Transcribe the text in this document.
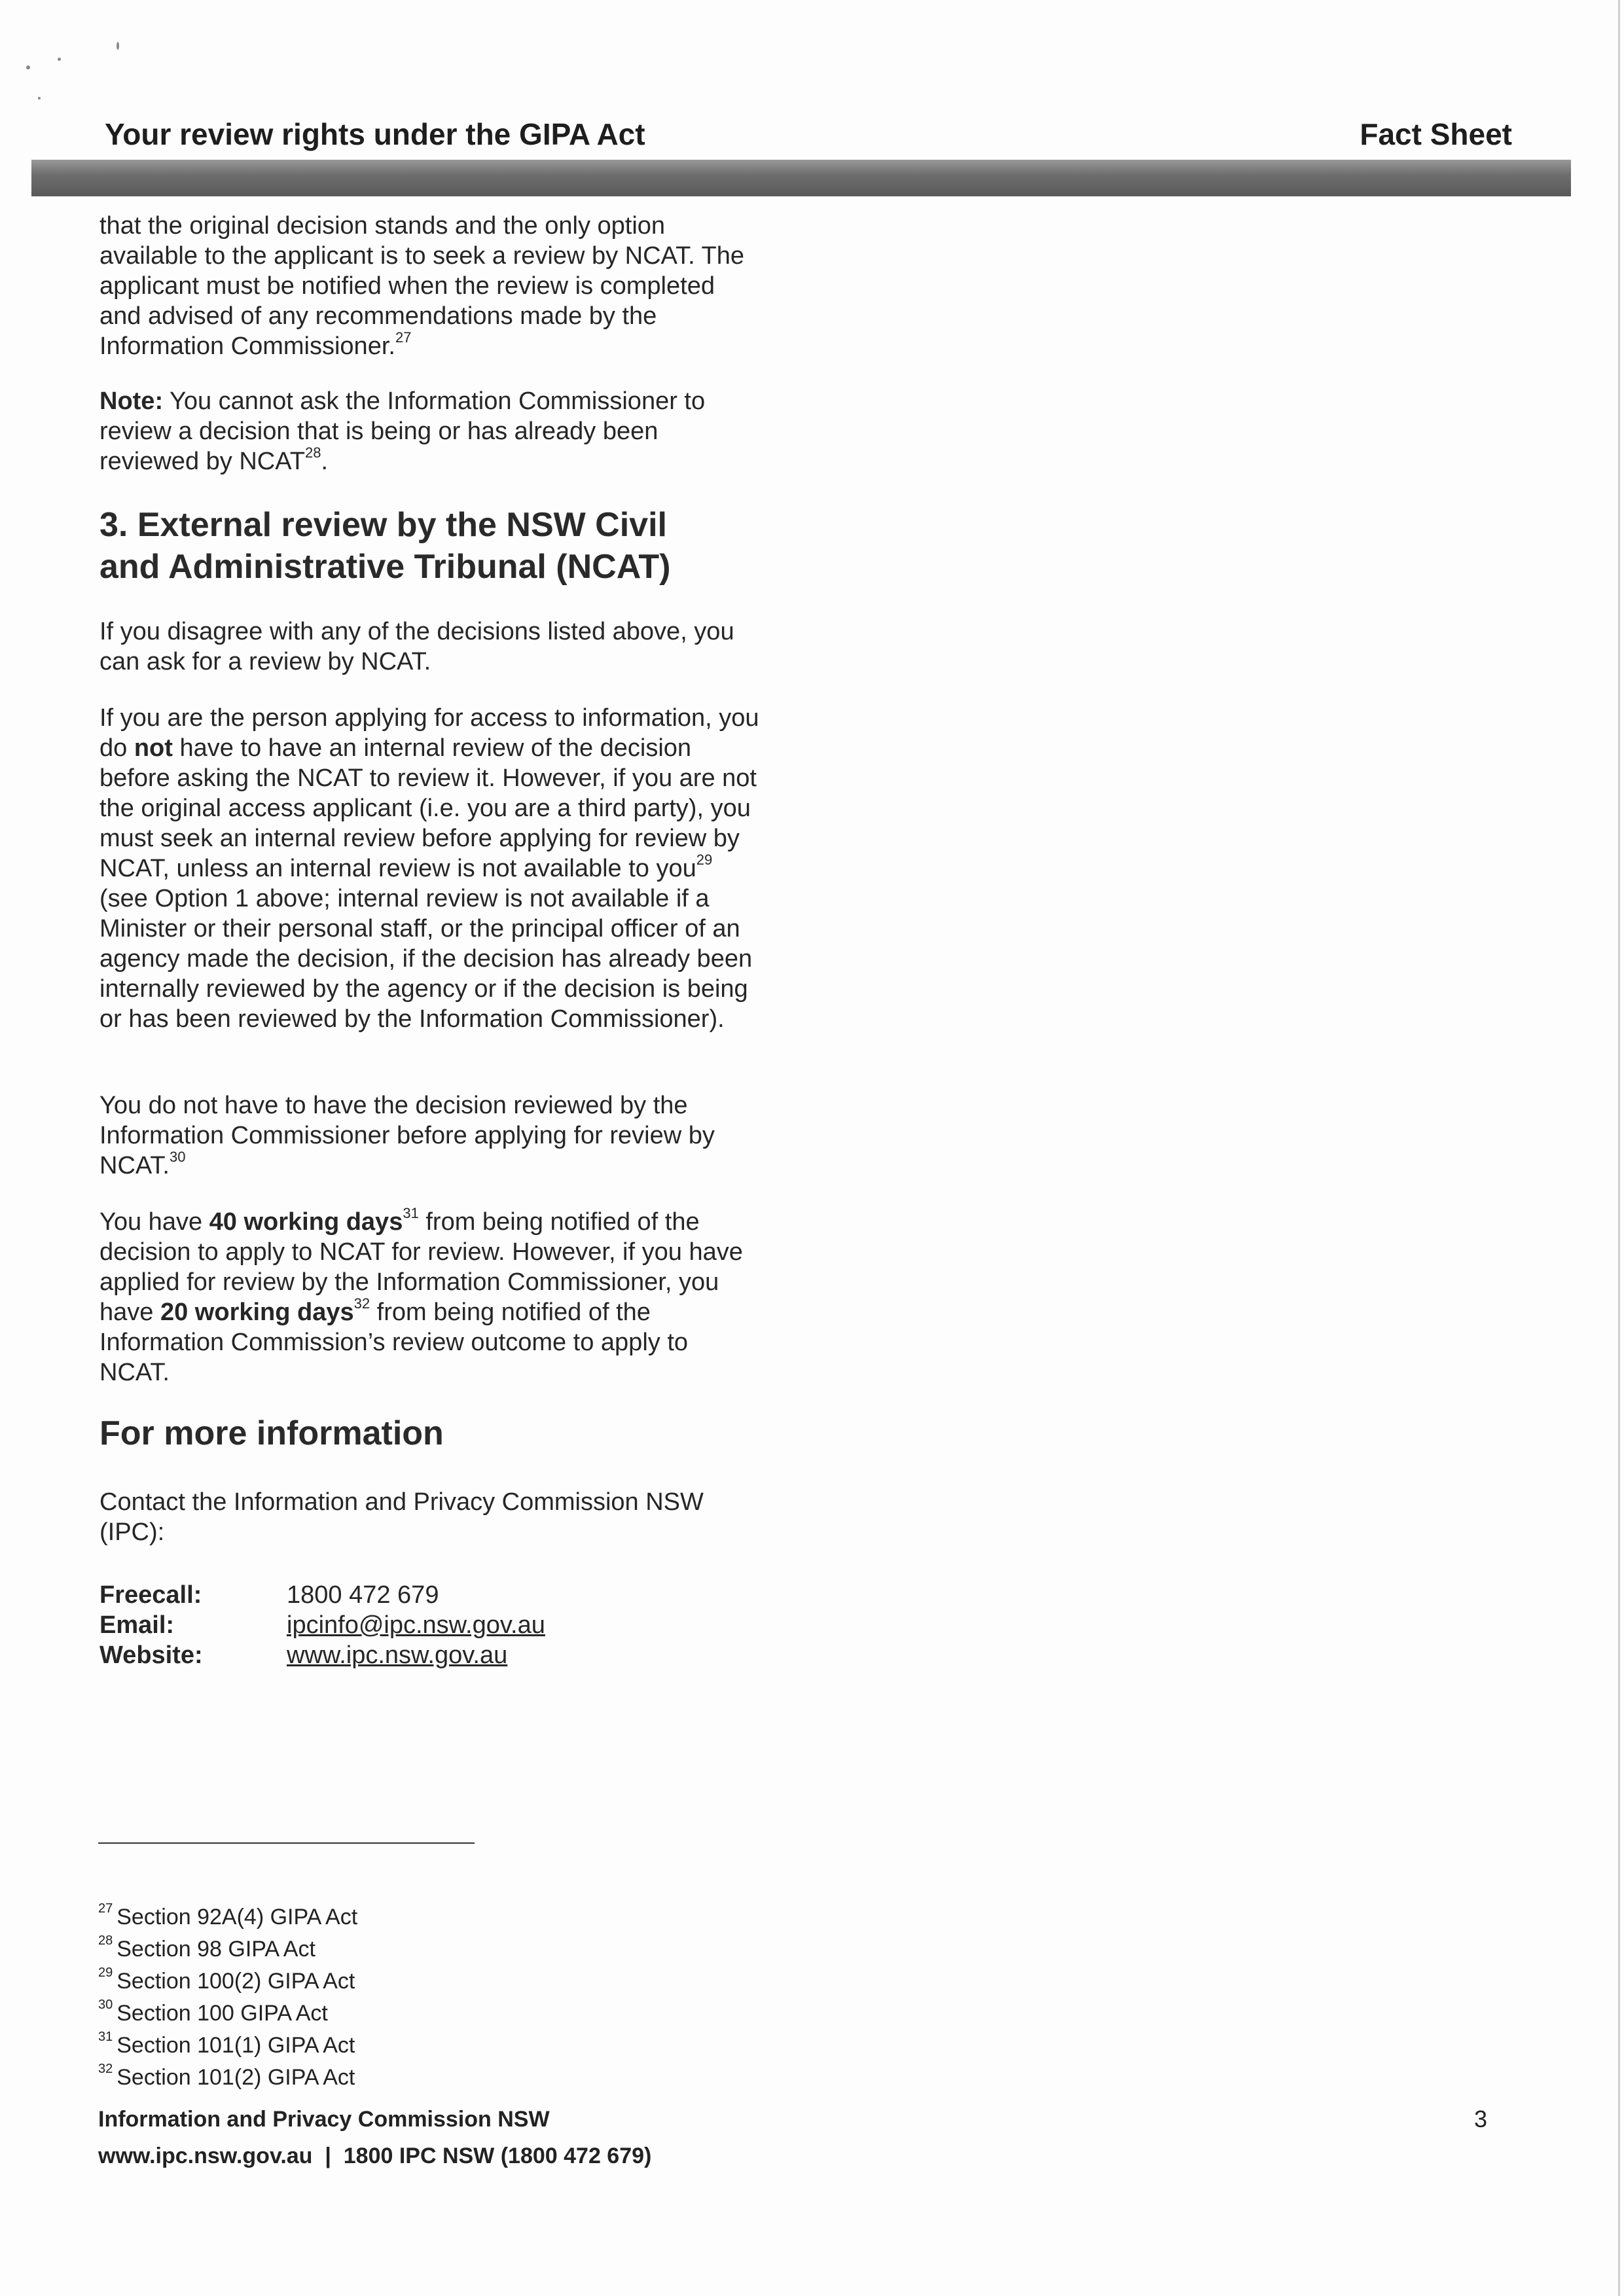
Your review rights under the GIPA Act	Fact Sheet

that the original decision stands and the only option available to the applicant is to seek a review by NCAT. The applicant must be notified when the review is completed and advised of any recommendations made by the Information Commissioner.$^{27}$

Note: You cannot ask the Information Commissioner to review a decision that is being or has already been reviewed by NCAT$^{28}$.

3. External review by the NSW Civil
and Administrative Tribunal (NCAT)

If you disagree with any of the decisions listed above, you can ask for a review by NCAT.

If you are the person applying for access to information, you do not have to have an internal review of the decision before asking the NCAT to review it. However, if you are not the original access applicant (i.e. you are a third party), you must seek an internal review before applying for review by NCAT, unless an internal review is not available to you$^{29}$ (see Option 1 above; internal review is not available if a Minister or their personal staff, or the principal officer of an agency made the decision, if the decision has already been internally reviewed by the agency or if the decision is being or has been reviewed by the Information Commissioner).

You do not have to have the decision reviewed by the Information Commissioner before applying for review by NCAT.$^{30}$

You have 40 working days$^{31}$ from being notified of the decision to apply to NCAT for review. However, if you have applied for review by the Information Commissioner, you have 20 working days$^{32}$ from being notified of the Information Commission’s review outcome to apply to NCAT.

For more information

Contact the Information and Privacy Commission NSW (IPC):

Freecall:	1800 472 679
Email:	ipcinfo@ipc.nsw.gov.au
Website:	www.ipc.nsw.gov.au
$^{27}$ Section 92A(4) GIPA Act
$^{28}$ Section 98 GIPA Act
$^{29}$ Section 100(2) GIPA Act
$^{30}$ Section 100 GIPA Act
$^{31}$ Section 101(1) GIPA Act
$^{32}$ Section 101(2) GIPA Act
Information and Privacy Commission NSW
www.ipc.nsw.gov.au  |  1800 IPC NSW (1800 472 679)
3
